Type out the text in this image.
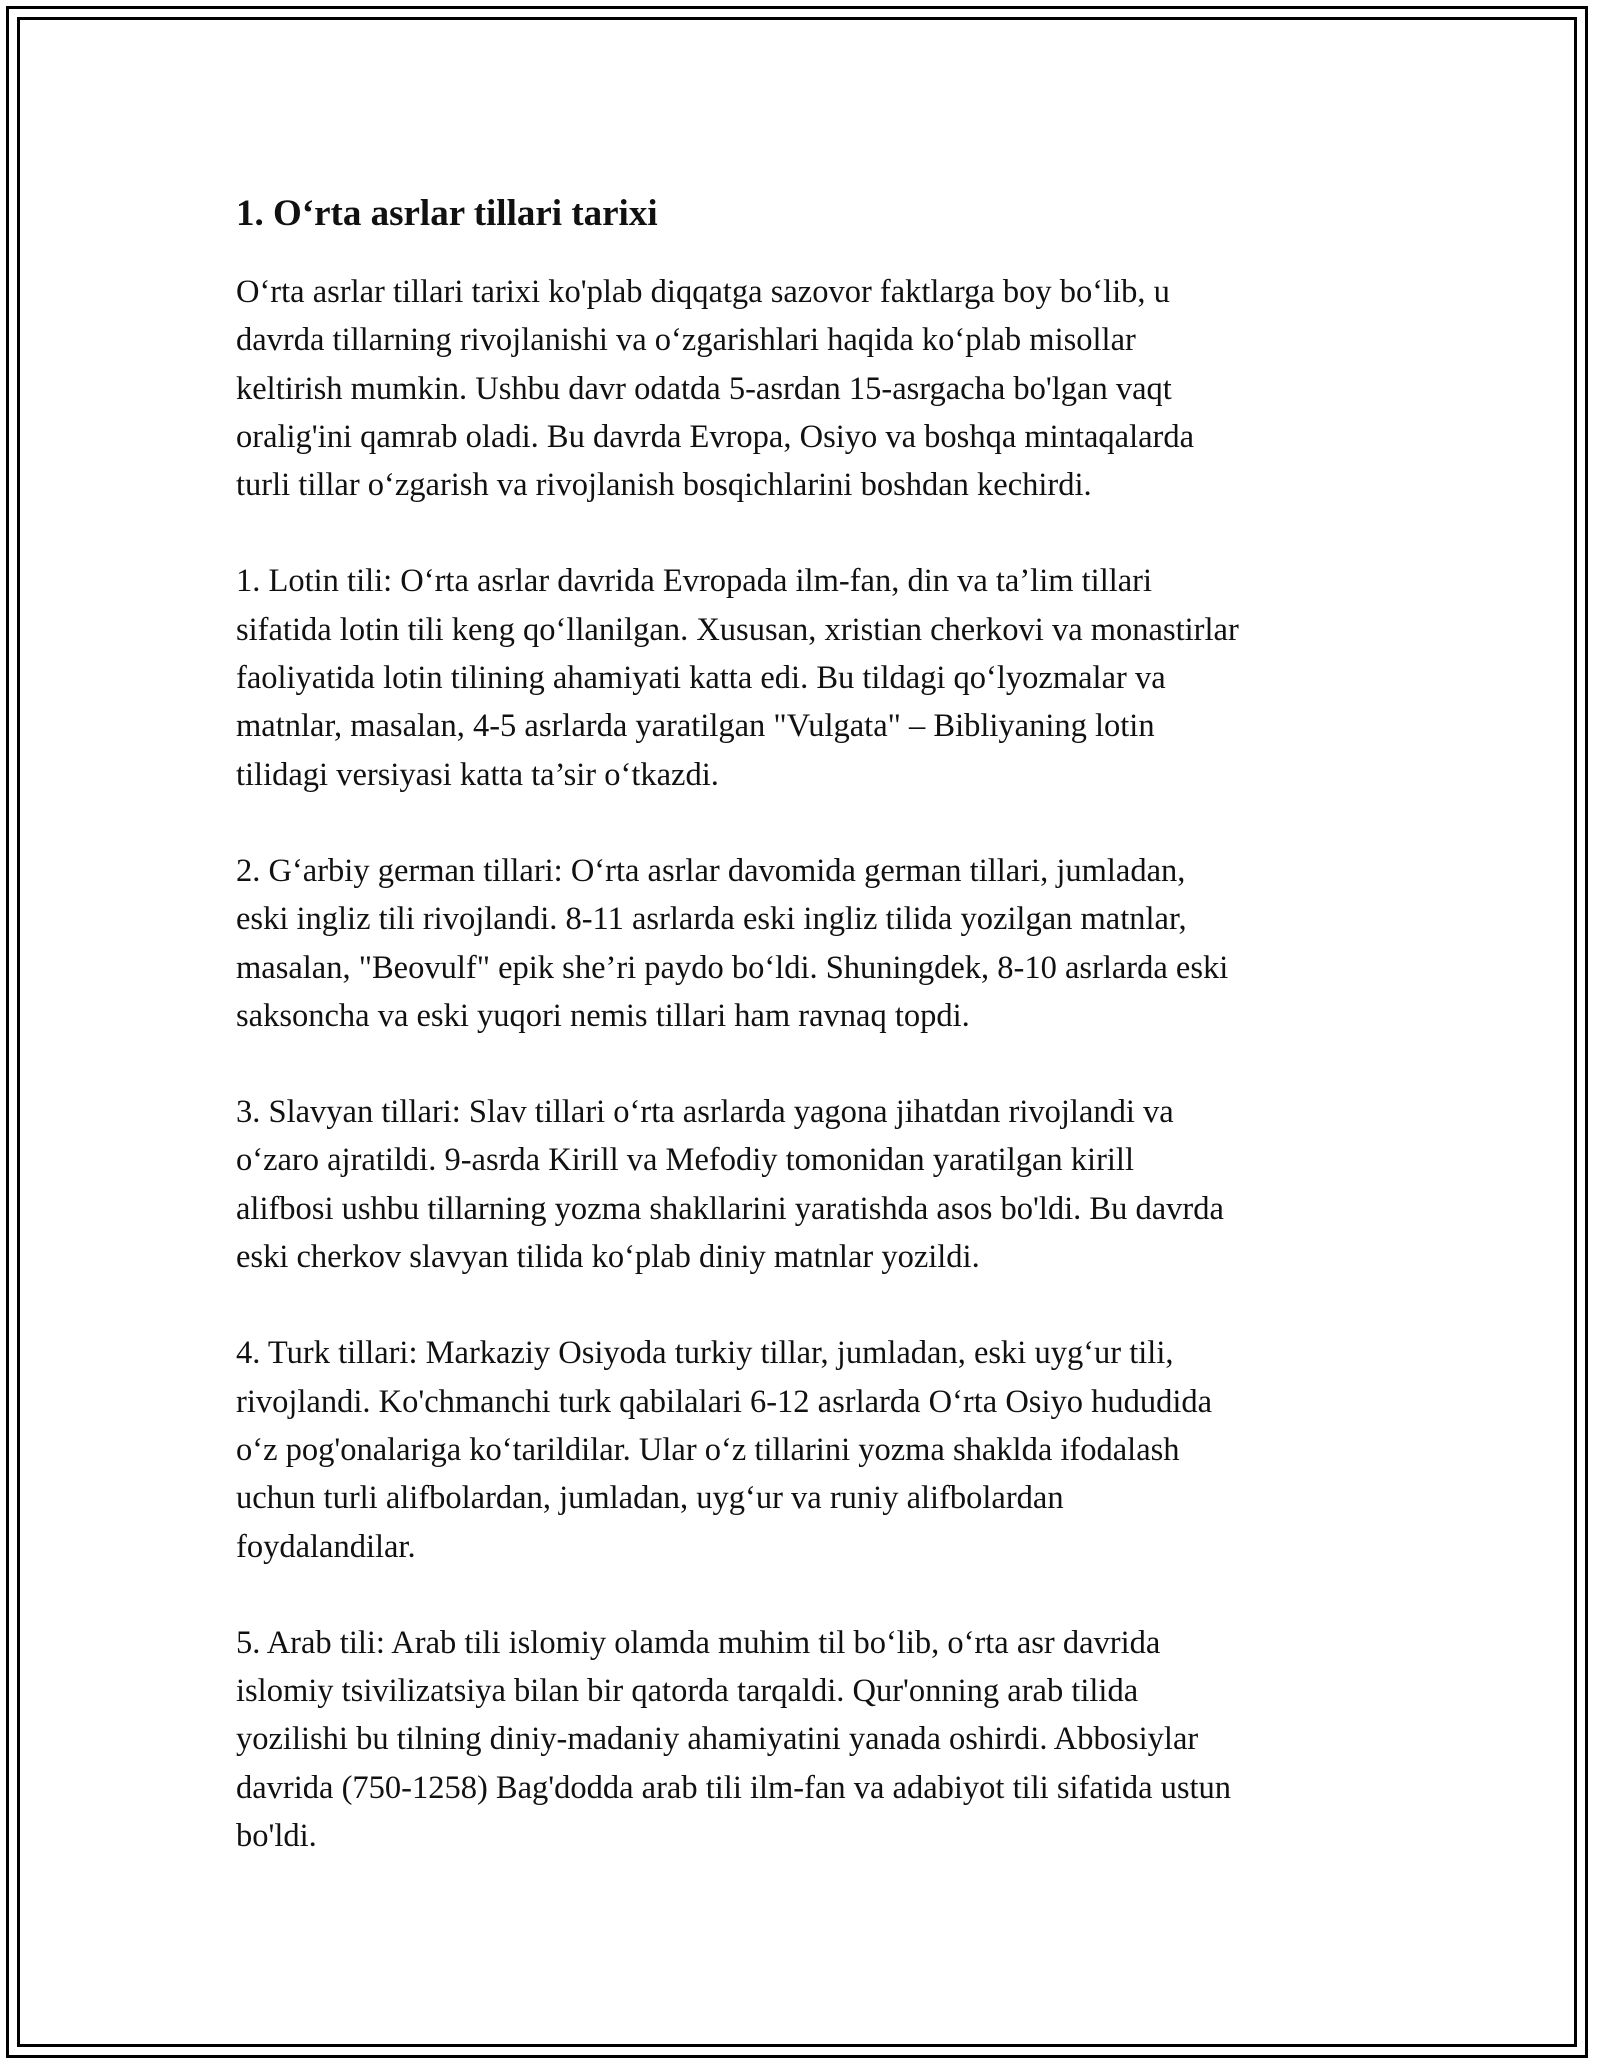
1. O‘rta asrlar tillari tarixi

O‘rta asrlar tillari tarixi ko'plab diqqatga sazovor faktlarga boy bo‘lib, u
davrda tillarning rivojlanishi va o‘zgarishlari haqida ko‘plab misollar
keltirish mumkin. Ushbu davr odatda 5-asrdan 15-asrgacha bo'lgan vaqt
oralig'ini qamrab oladi. Bu davrda Evropa, Osiyo va boshqa mintaqalarda
turli tillar o‘zgarish va rivojlanish bosqichlarini boshdan kechirdi.

1. Lotin tili: O‘rta asrlar davrida Evropada ilm-fan, din va ta’lim tillari
sifatida lotin tili keng qo‘llanilgan. Xususan, xristian cherkovi va monastirlar
faoliyatida lotin tilining ahamiyati katta edi. Bu tildagi qo‘lyozmalar va
matnlar, masalan, 4-5 asrlarda yaratilgan "Vulgata" – Bibliyaning lotin
tilidagi versiyasi katta ta’sir o‘tkazdi.

2. G‘arbiy german tillari: O‘rta asrlar davomida german tillari, jumladan,
eski ingliz tili rivojlandi. 8-11 asrlarda eski ingliz tilida yozilgan matnlar,
masalan, "Beovulf" epik she’ri paydo bo‘ldi. Shuningdek, 8-10 asrlarda eski
saksoncha va eski yuqori nemis tillari ham ravnaq topdi.

3. Slavyan tillari: Slav tillari o‘rta asrlarda yagona jihatdan rivojlandi va
o‘zaro ajratildi. 9-asrda Kirill va Mefodiy tomonidan yaratilgan kirill
alifbosi ushbu tillarning yozma shakllarini yaratishda asos bo'ldi. Bu davrda
eski cherkov slavyan tilida ko‘plab diniy matnlar yozildi.

4. Turk tillari: Markaziy Osiyoda turkiy tillar, jumladan, eski uyg‘ur tili,
rivojlandi. Ko'chmanchi turk qabilalari 6-12 asrlarda O‘rta Osiyo hududida
o‘z pog'onalariga ko‘tarildilar. Ular o‘z tillarini yozma shaklda ifodalash
uchun turli alifbolardan, jumladan, uyg‘ur va runiy alifbolardan
foydalandilar.

5. Arab tili: Arab tili islomiy olamda muhim til bo‘lib, o‘rta asr davrida
islomiy tsivilizatsiya bilan bir qatorda tarqaldi. Qur'onning arab tilida
yozilishi bu tilning diniy-madaniy ahamiyatini yanada oshirdi. Abbosiylar
davrida (750-1258) Bag'dodda arab tili ilm-fan va adabiyot tili sifatida ustun
bo'ldi.
